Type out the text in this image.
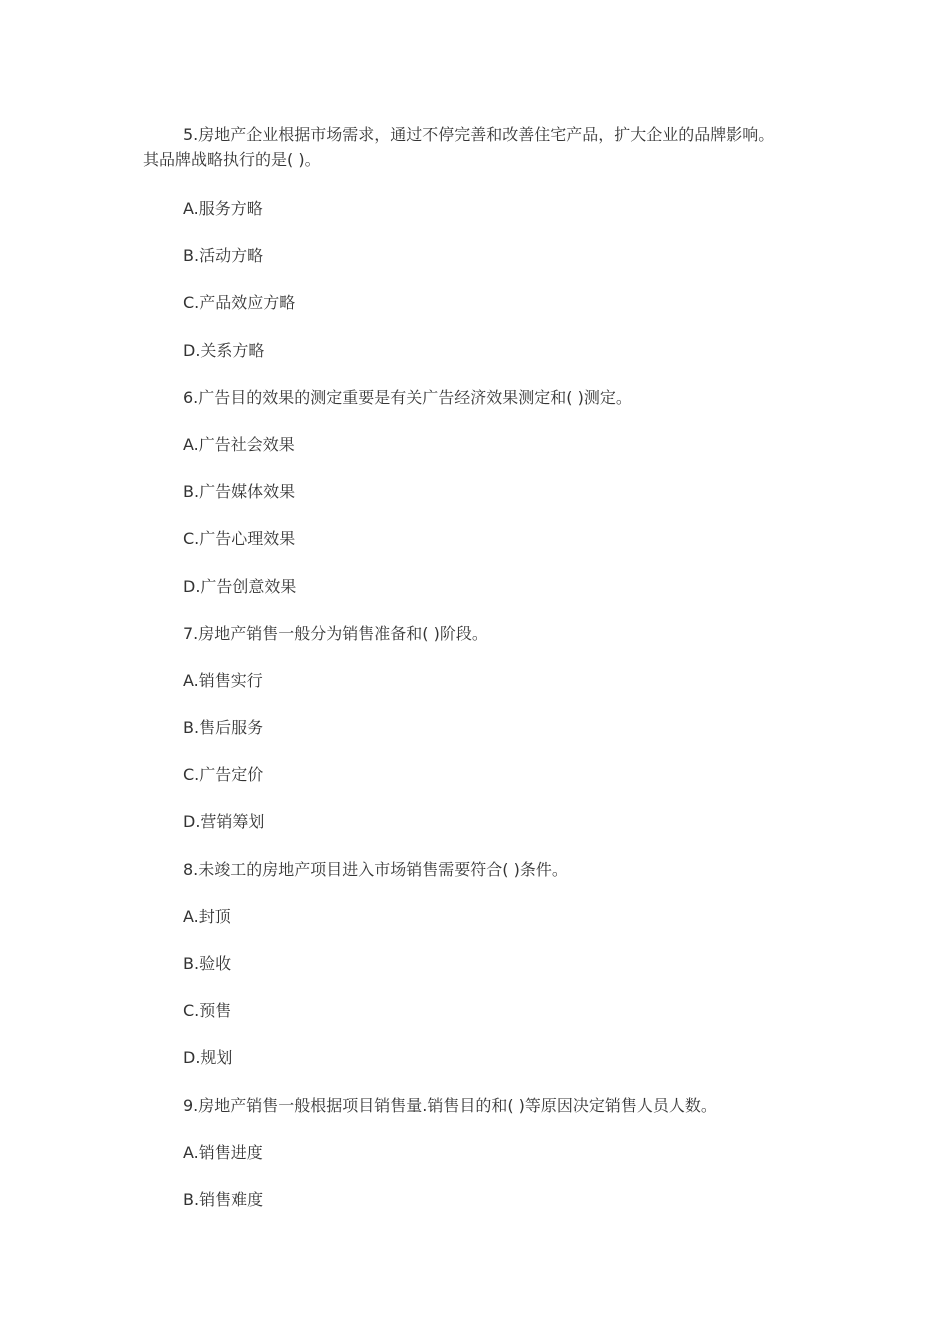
5.房地产企业根据市场需求，通过不停完善和改善住宅产品，扩大企业的品牌影响。
其品牌战略执行的是( )。
A.服务方略
B.活动方略
C.产品效应方略
D.关系方略
6.广告目的效果的测定重要是有关广告经济效果测定和( )测定。
A.广告社会效果
B.广告媒体效果
C.广告心理效果
D.广告创意效果
7.房地产销售一般分为销售准备和( )阶段。
A.销售实行
B.售后服务
C.广告定价
D.营销筹划
8.未竣工的房地产项目进入市场销售需要符合( )条件。
A.封顶
B.验收
C.预售
D.规划
9.房地产销售一般根据项目销售量.销售目的和( )等原因决定销售人员人数。
A.销售进度
B.销售难度
